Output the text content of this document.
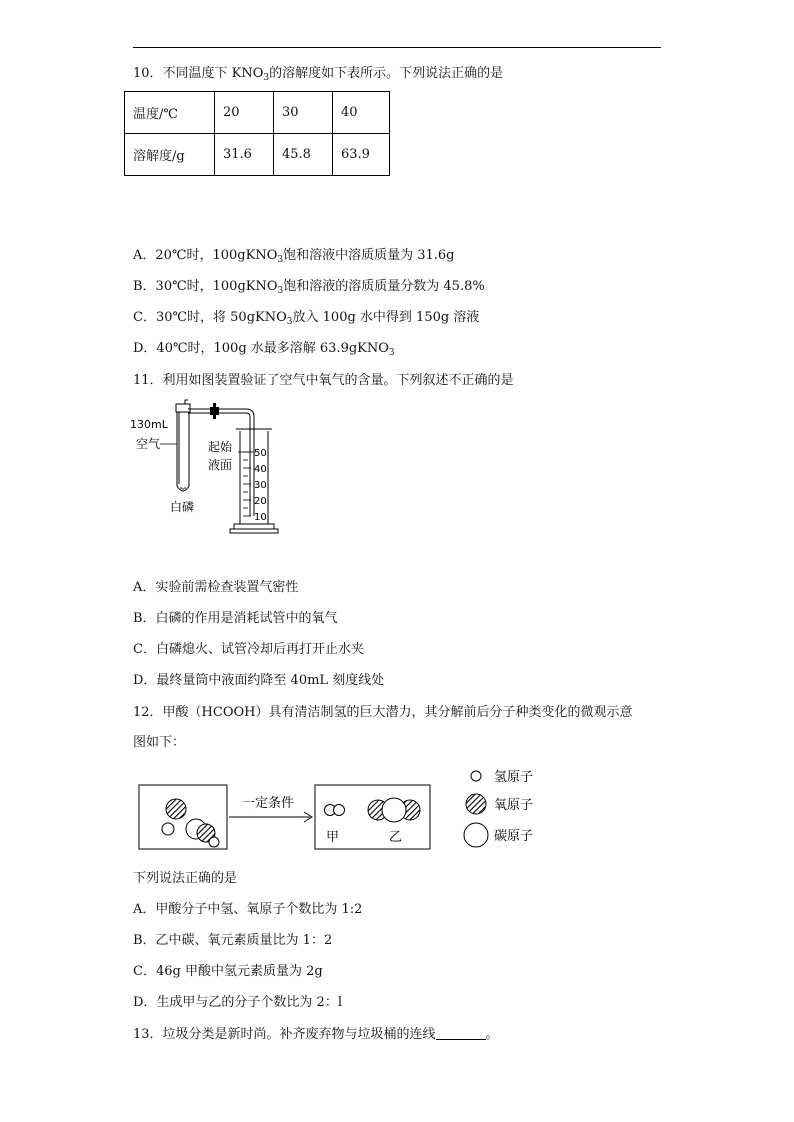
10．不同温度下 $KNO_3$的溶解度如下表所示。下列说法正确的是
温度/℃	20	30	40
溶解度/g	31.6	45.8	63.9
A．20℃时，100gKNO$_3$饱和溶液中溶质质量为 31.6g
B．30℃时，100gKNO$_3$饱和溶液的溶质质量分数为 45.8%
C．30℃时，将 50gKNO$_3$放入 100g 水中得到 150g 溶液
D．40℃时，100g 水最多溶解 63.9gKNO$_3$
11．利用如图装置验证了空气中氧气的含量。下列叙述不正确的是
130mL
空气
白磷
起始
液面
50
40
30
20
10
A．实验前需检查装置气密性
B．白磷的作用是消耗试管中的氧气
C．白磷熄火、试管冷却后再打开止水夹
D．最终量筒中液面约降至 40mL 刻度线处
12．甲酸（HCOOH）具有清洁制氢的巨大潜力，其分解前后分子种类变化的微观示意
图如下：
一定条件
甲	乙
氢原子
氧原子
碳原子
下列说法正确的是
A．甲酸分子中氢、氧原子个数比为 1:2
B．乙中碳、氧元素质量比为 1：2
C．46g 甲酸中氢元素质量为 2g
D．生成甲与乙的分子个数比为 2：l
13．垃圾分类是新时尚。补齐废弃物与垃圾桶的连线	。
